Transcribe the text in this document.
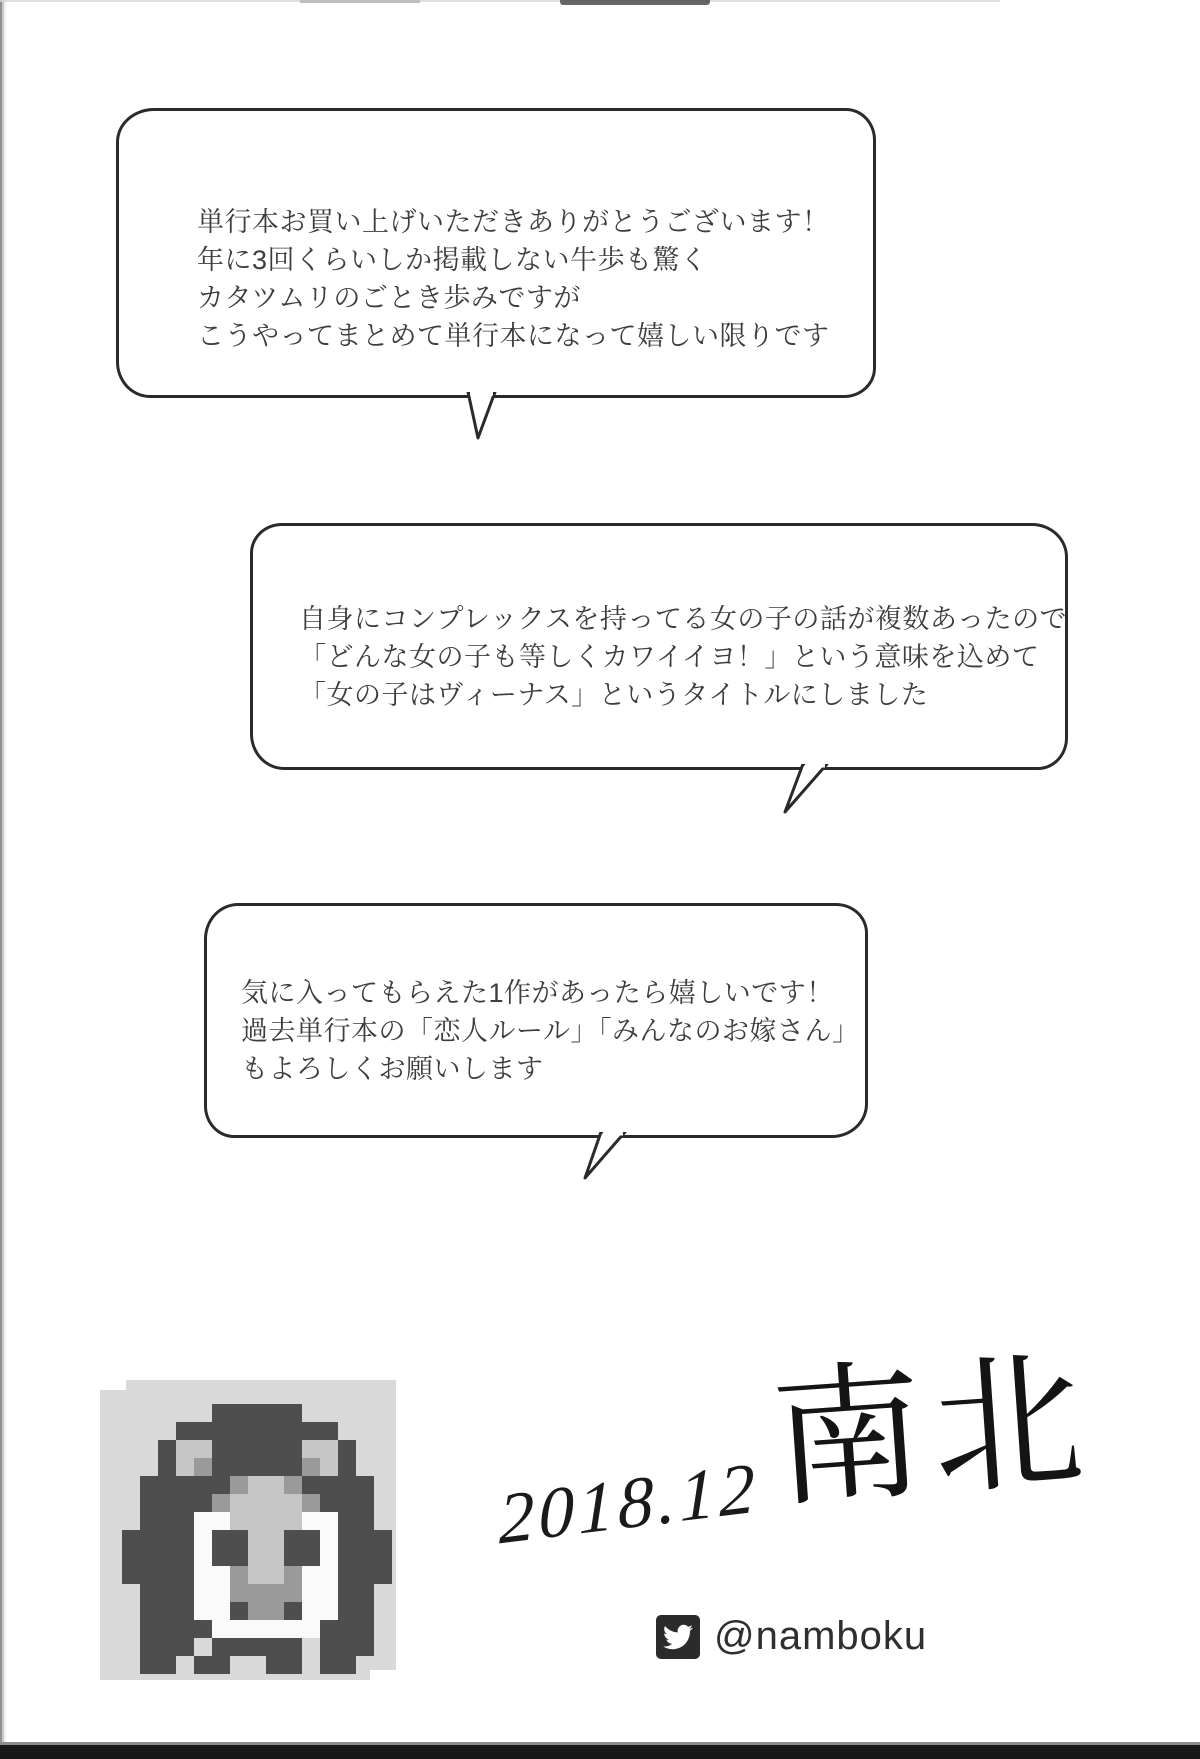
単行本お買い上げいただきありがとうございます！
年に3回くらいしか掲載しない牛歩も驚く
カタツムリのごとき歩みですが
こうやってまとめて単行本になって嬉しい限りです
自身にコンプレックスを持ってる女の子の話が複数あったので
「どんな女の子も等しくカワイイヨ！」という意味を込めて
「女の子はヴィーナス」というタイトルにしました
気に入ってもらえた1作があったら嬉しいです！
過去単行本の「恋人ルール」「みんなのお嫁さん」
もよろしくお願いします
2018.12 南北
@namboku
